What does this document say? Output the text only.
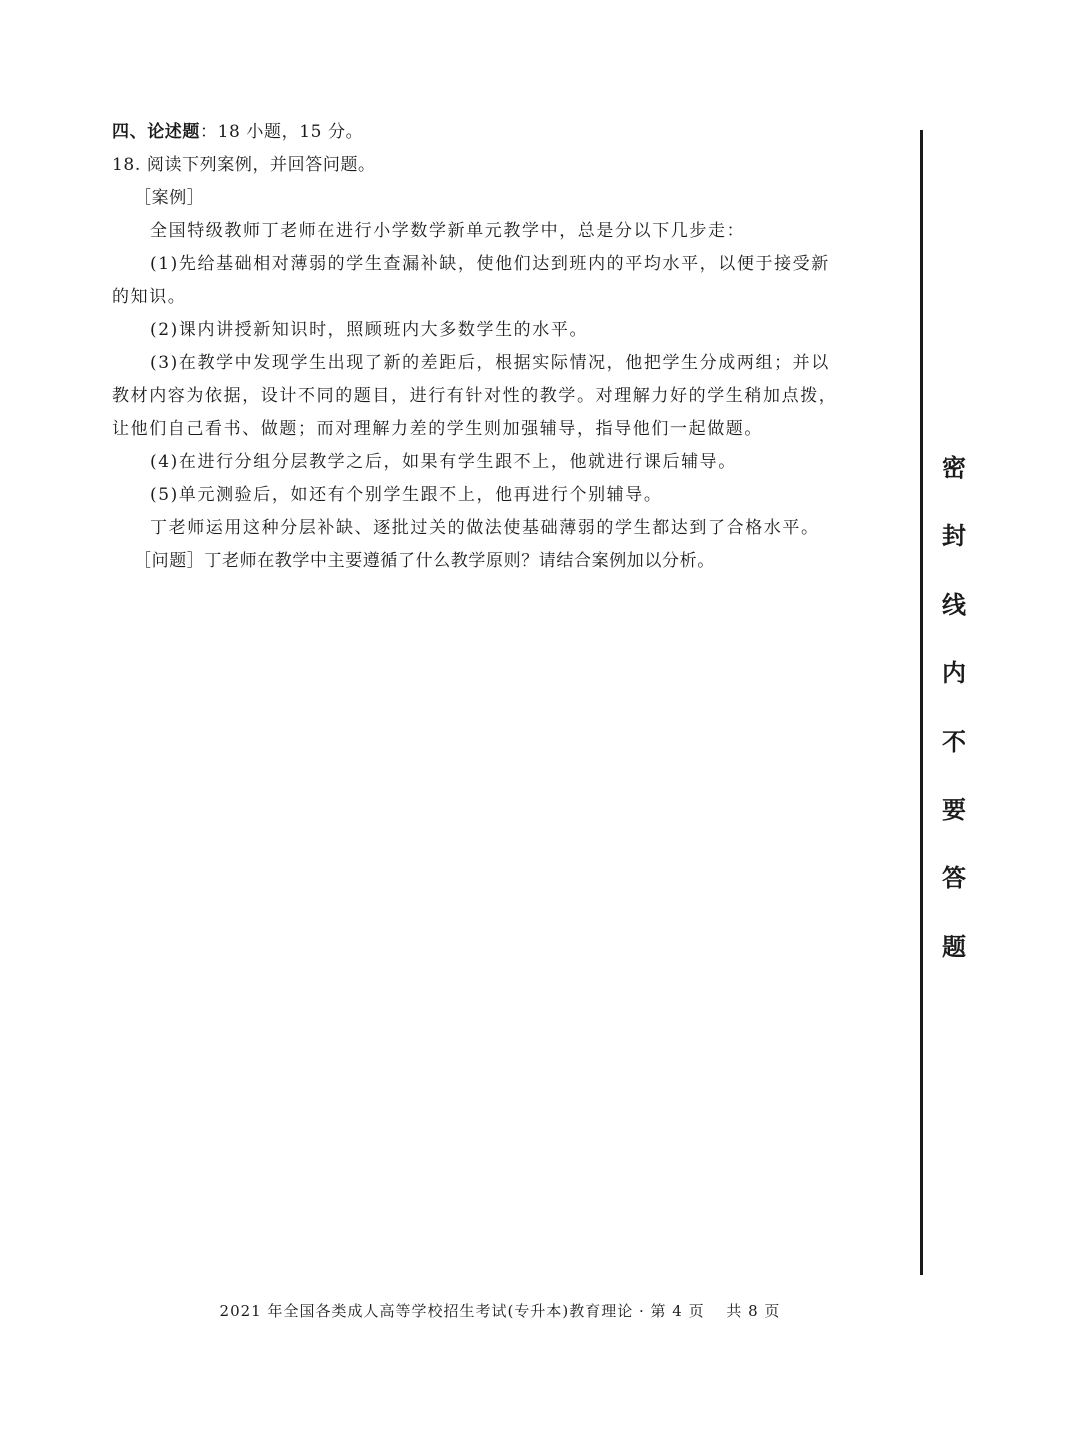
四、论述题：18 小题，15 分。
18. 阅读下列案例，并回答问题。
［案例］
全国特级教师丁老师在进行小学数学新单元教学中，总是分以下几步走：
(1)先给基础相对薄弱的学生查漏补缺，使他们达到班内的平均水平，以便于接受新
的知识。
(2)课内讲授新知识时，照顾班内大多数学生的水平。
(3)在教学中发现学生出现了新的差距后，根据实际情况，他把学生分成两组；并以
教材内容为依据，设计不同的题目，进行有针对性的教学。对理解力好的学生稍加点拨，
让他们自己看书、做题；而对理解力差的学生则加强辅导，指导他们一起做题。
(4)在进行分组分层教学之后，如果有学生跟不上，他就进行课后辅导。
(5)单元测验后，如还有个别学生跟不上，他再进行个别辅导。
丁老师运用这种分层补缺、逐批过关的做法使基础薄弱的学生都达到了合格水平。
［问题］丁老师在教学中主要遵循了什么教学原则？请结合案例加以分析。
密
封
线
内
不
要
答
题
2021 年全国各类成人高等学校招生考试(专升本)教育理论 · 第 4 页　 共 8 页
